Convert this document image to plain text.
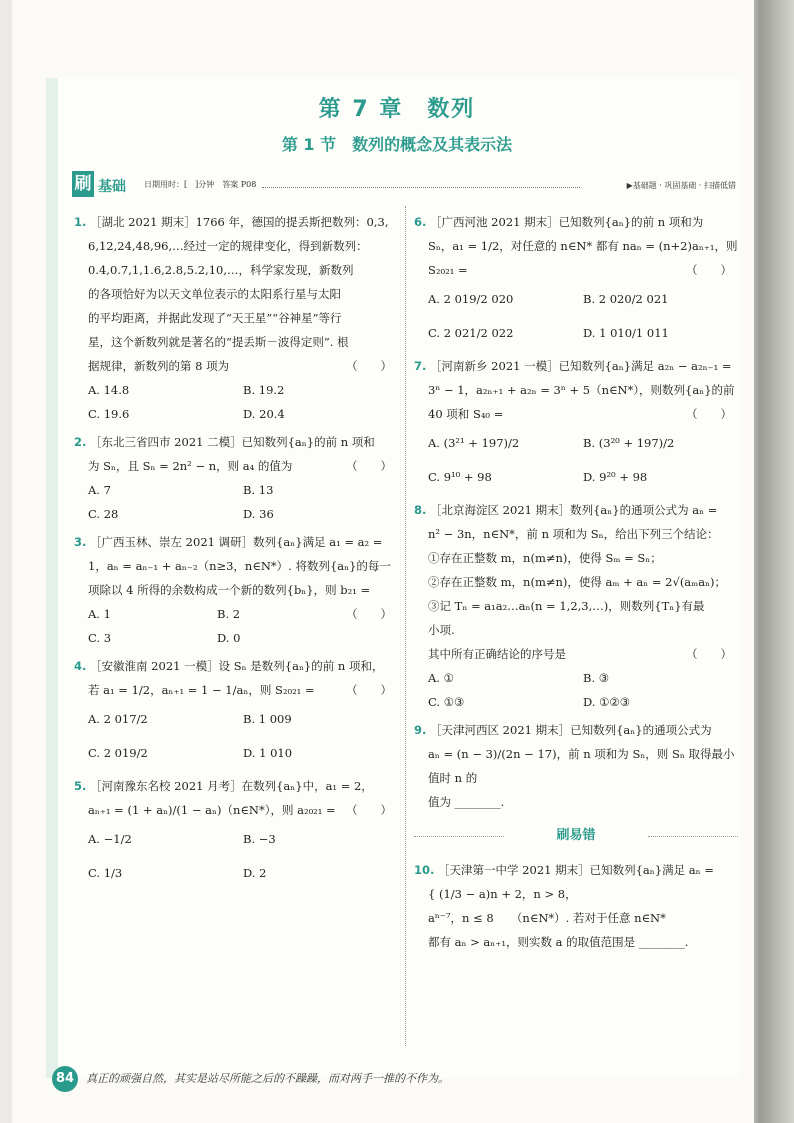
第 7 章　数列
第 1 节　数列的概念及其表示法
刷 基础 日期用时：[　]分钟　答案 P08	▶基础题 · 巩固基础 · 扫描低错
1. ［湖北 2021 期末］1766 年，德国的提丢斯把数列：0,3,
6,12,24,48,96,…经过一定的规律变化，得到新数列：
0.4,0.7,1,1.6,2.8,5.2,10,…，科学家发现，新数列
的各项恰好为以天文单位表示的太阳系行星与太阳
的平均距离，并据此发现了“天王星”“谷神星”等行
星，这个新数列就是著名的“提丢斯－波得定则”. 根
据规律，新数列的第 8 项为	（　　）
A. 14.8	B. 19.2
C. 19.6	D. 20.4
2. ［东北三省四市 2021 二模］已知数列{aₙ}的前 n 项和
为 Sₙ，且 Sₙ = 2n² − n，则 a₄ 的值为	（　　）
A. 7	B. 13
C. 28	D. 36
3. ［广西玉林、崇左 2021 调研］数列{aₙ}满足 a₁ = a₂ =
1，aₙ = aₙ₋₁ + aₙ₋₂（n≥3，n∈N*）. 将数列{aₙ}的每一
项除以 4 所得的余数构成一个新的数列{bₙ}，则 b₂₁ =
（　　）
A. 1	B. 2
C. 3	D. 0
4. ［安徽淮南 2021 一模］设 Sₙ 是数列{aₙ}的前 n 项和，
若 a₁ = 1/2，aₙ₊₁ = 1 − 1/aₙ，则 S₂₀₂₁ =	（　　）
A. 2 017/2	B. 1 009
C. 2 019/2	D. 1 010
5. ［河南豫东名校 2021 月考］在数列{aₙ}中，a₁ = 2，
aₙ₊₁ = (1 + aₙ)/(1 − aₙ)（n∈N*），则 a₂₀₂₁ = （　　）
A. −1/2	B. −3
C. 1/3	D. 2
6. ［广西河池 2021 期末］已知数列{aₙ}的前 n 项和为
Sₙ，a₁ = 1/2，对任意的 n∈N* 都有 naₙ = (n+2)aₙ₊₁，则
S₂₀₂₁ =	（　　）
A. 2 019/2 020	B. 2 020/2 021
C. 2 021/2 022	D. 1 010/1 011
7. ［河南新乡 2021 一模］已知数列{aₙ}满足 a₂ₙ − a₂ₙ₋₁ =
3ⁿ − 1，a₂ₙ₊₁ + a₂ₙ = 3ⁿ + 5（n∈N*），则数列{aₙ}的前
40 项和 S₄₀ =	（　　）
A. (3²¹ + 197)/2	B. (3²⁰ + 197)/2
C. 9¹⁰ + 98	D. 9²⁰ + 98
8. ［北京海淀区 2021 期末］数列{aₙ}的通项公式为 aₙ =
n² − 3n，n∈N*，前 n 项和为 Sₙ，给出下列三个结论：
①存在正整数 m，n(m≠n)，使得 Sₘ = Sₙ；
②存在正整数 m，n(m≠n)，使得 aₘ + aₙ = 2√(aₘaₙ)；
③记 Tₙ = a₁a₂…aₙ(n = 1,2,3,…)，则数列{Tₙ}有最
小项.
其中所有正确结论的序号是	（　　）
A. ①	B. ③
C. ①③	D. ①②③
9. ［天津河西区 2021 期末］已知数列{aₙ}的通项公式为
aₙ = (n − 3)/(2n − 17)，前 n 项和为 Sₙ，则 Sₙ 取得最小值时 n 的
值为 ________.
刷易错
10. ［天津第一中学 2021 期末］已知数列{aₙ}满足 aₙ =
{ (1/3 − a)n + 2，n > 8，
aⁿ⁻⁷，n ≤ 8　　（n∈N*）. 若对于任意 n∈N*
都有 aₙ > aₙ₊₁，则实数 a 的取值范围是 ________.
84	真正的顽强自然，其实是站尽所能之后的不躁躁，而对两手一推的不作为。
